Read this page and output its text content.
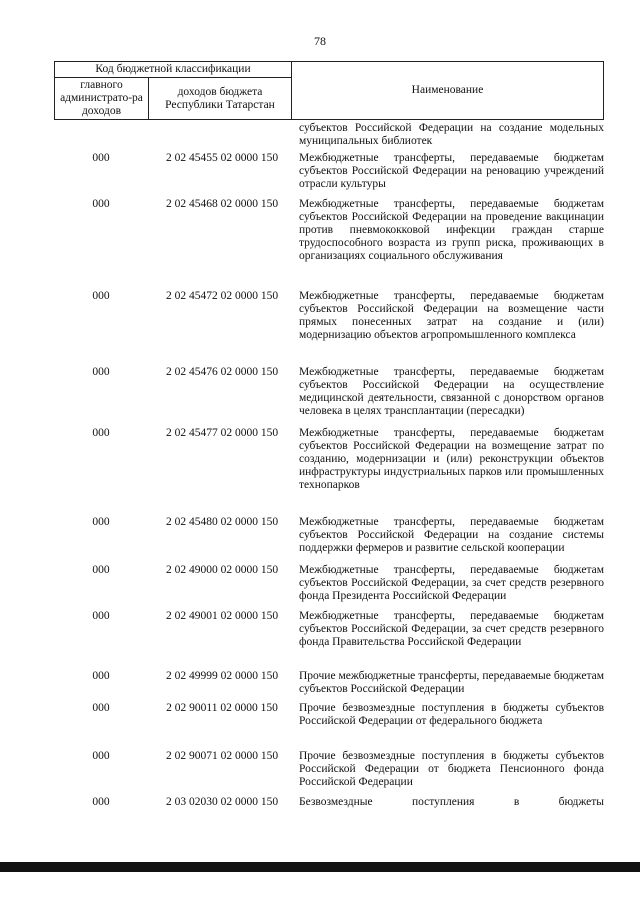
78
Код бюджетной классификации		Наименование
главного администрато-ра доходов	доходов бюджета Республики Татарстан	
субъектов Российской Федерации на создание модельных муниципальных библиотек
000	2 02 45455 02 0000 150	Межбюджетные трансферты, передаваемые бюджетам субъектов Российской Федерации на реновацию учреждений отрасли культуры
000	2 02 45468 02 0000 150	Межбюджетные трансферты, передаваемые бюджетам субъектов Российской Федерации на проведение вакцинации против пневмококковой инфекции граждан старше трудоспособного возраста из групп риска, проживающих в организациях социального обслуживания
000	2 02 45472 02 0000 150	Межбюджетные трансферты, передаваемые бюджетам субъектов Российской Федерации на возмещение части прямых понесенных затрат на создание и (или) модернизацию объектов агропромышленного комплекса
000	2 02 45476 02 0000 150	Межбюджетные трансферты, передаваемые бюджетам субъектов Российской Федерации на осуществление медицинской деятельности, связанной с донорством органов человека в целях трансплантации (пересадки)
000	2 02 45477 02 0000 150	Межбюджетные трансферты, передаваемые бюджетам субъектов Российской Федерации на возмещение затрат по созданию, модернизации и (или) реконструкции объектов инфраструктуры индустриальных парков или промышленных технопарков
000	2 02 45480 02 0000 150	Межбюджетные трансферты, передаваемые бюджетам субъектов Российской Федерации на создание системы поддержки фермеров и развитие сельской кооперации
000	2 02 49000 02 0000 150	Межбюджетные трансферты, передаваемые бюджетам субъектов Российской Федерации, за счет средств резервного фонда Президента Российской Федерации
000	2 02 49001 02 0000 150	Межбюджетные трансферты, передаваемые бюджетам субъектов Российской Федерации, за счет средств резервного фонда Правительства Российской Федерации
000	2 02 49999 02 0000 150	Прочие межбюджетные трансферты, передаваемые бюджетам субъектов Российской Федерации
000	2 02 90011 02 0000 150	Прочие безвозмездные поступления в бюджеты субъектов Российской Федерации от федерального бюджета
000	2 02 90071 02 0000 150	Прочие безвозмездные поступления в бюджеты субъектов Российской Федерации от бюджета Пенсионного фонда Российской Федерации
000	2 03 02030 02 0000 150	Безвозмездные поступления в бюджеты
